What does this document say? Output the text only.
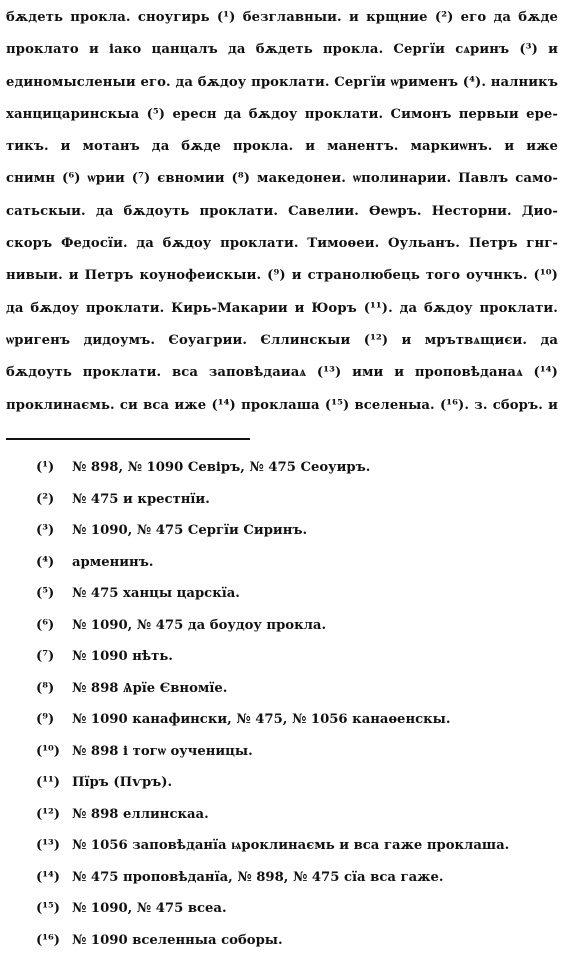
бѫдеть прокла. сноугирь (¹) безглавныи. и крщние (²) его да бѫде
проклато и іако цанцалъ да бѫдеть прокла. Сергїи сѧринъ (³) и
единомысленыи его. да бѫдоу проклати. Сергїи ѡрименъ (⁴). налникъ
ханцицаринскыа (⁵) ересн да бѫдоу проклати. Симонъ первыи ере-
тикъ. и мотанъ да бѫде прокла. и манентъ. маркиѡнъ. и иже
снимн (⁶) ѡрии (⁷) євномии (⁸) македонеи. ѡполинарии. Павлъ само-
сатьскыи. да бѫдоуть проклати. Савелии. Ѳеѡръ. Несторни. Дио-
скоръ Федосїи. да бѫдоу проклати. Тимоѳеи. Оульанъ. Петръ гнг-
нивыи. и Петръ коунофеискыи. (⁹) и странолюбець того оучнкъ. (¹⁰)
да бѫдоу проклати. Кирь-Макарии и Юоръ (¹¹). да бѫдоу проклати.
ѡригенъ дидоумъ. Єоуагрии. Єллинскыи (¹²) и мрътвѧщиєи. да
бѫдоуть проклати. вса заповѣдаиаѧ (¹³) ими и проповѣданаѧ (¹⁴)
проклинаємь. си вса иже (¹⁴) проклаша (¹⁵) вселеныа. (¹⁶). з. сборъ. и
(¹) № 898, № 1090 Севіръ, № 475 Сеоуиръ.
(²) № 475 и крестнїи.
(³) № 1090, № 475 Сергїи Сиринъ.
(⁴) арменинъ.
(⁵) № 475 ханцы царскїа.
(⁶) № 1090, № 475 да боудоу прокла.
(⁷) № 1090 нѣть.
(⁸) № 898 Ѧрїе Євномїе.
(⁹) № 1090 канафински, № 475, № 1056 канаѳенскы.
(¹⁰) № 898 і тогѡ оученицы.
(¹¹) Пїръ (Пѵръ).
(¹²) № 898 еллинскаа.
(¹³) № 1056 заповѣданїа ѩроклинаємь и вса гаже проклаша.
(¹⁴) № 475 проповѣданїа, № 898, № 475 сїа вса гаже.
(¹⁵) № 1090, № 475 всеа.
(¹⁶) № 1090 вселенныа соборы.
